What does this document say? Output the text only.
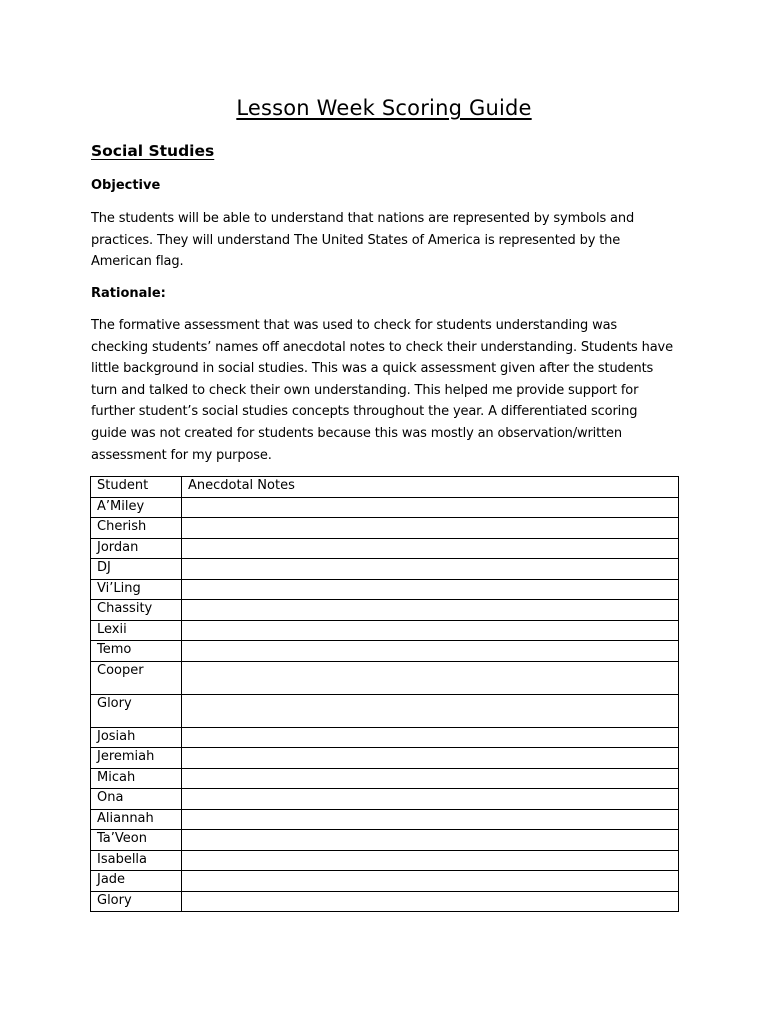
Lesson Week Scoring Guide
Social Studies
Objective
The students will be able to understand that nations are represented by symbols and
practices. They will understand The United States of America is represented by the
American flag.
Rationale:
The formative assessment that was used to check for students understanding was
checking students’ names off anecdotal notes to check their understanding. Students have
little background in social studies. This was a quick assessment given after the students
turn and talked to check their own understanding. This helped me provide support for
further student’s social studies concepts throughout the year. A differentiated scoring
guide was not created for students because this was mostly an observation/written
assessment for my purpose.
Student	Anecdotal Notes
A’Miley	
Cherish	
Jordan	
DJ	
Vi’Ling	
Chassity	
Lexii	
Temo	
Cooper	
Glory	
Josiah	
Jeremiah	
Micah	
Ona	
Aliannah	
Ta’Veon	
Isabella	
Jade	
Glory	
